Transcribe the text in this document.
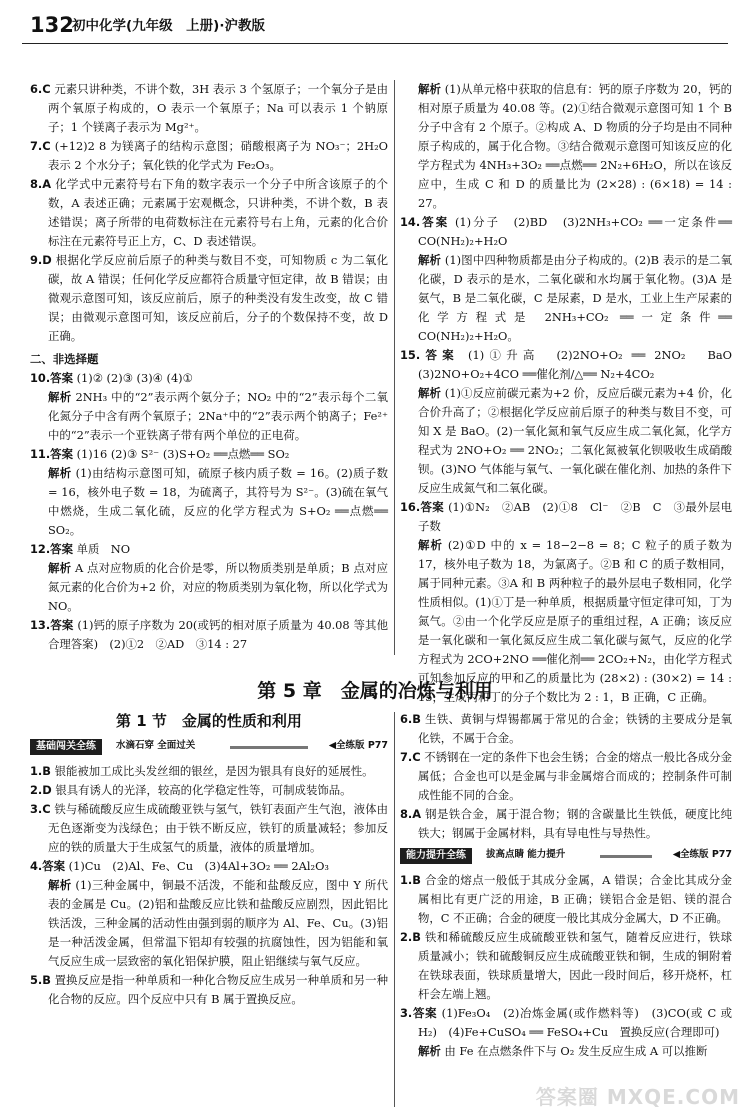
132
初中化学(九年级　上册)·沪教版

6.C 元素只讲种类，不讲个数，3H 表示 3 个氢原子；一个氧分子是由两个氧原子构成的，O 表示一个氧原子；Na 可以表示 1 个钠原子；1 个镁离子表示为 Mg²⁺。

7.C (+12)2 8 为镁离子的结构示意图；硝酸根离子为 NO₃⁻；2H₂O 表示 2 个水分子；氧化铁的化学式为 Fe₂O₃。

8.A 化学式中元素符号右下角的数字表示一个分子中所含该原子的个数，A 表述正确；元素属于宏观概念，只讲种类，不讲个数，B 表述错误；离子所带的电荷数标注在元素符号右上角，元素的化合价标注在元素符号正上方，C、D 表述错误。

9.D 根据化学反应前后原子的种类与数目不变，可知物质 c 为二氧化碳，故 A 错误；任何化学反应都符合质量守恒定律，故 B 错误；由微观示意图可知，该反应前后，原子的种类没有发生改变，故 C 错误；由微观示意图可知，该反应前后，分子的个数保持不变，故 D 正确。

二、非选择题

10.答案 (1)② (2)③ (3)④ (4)①

解析 2NH₃ 中的“2”表示两个氨分子；NO₂ 中的“2”表示每个二氧化氮分子中含有两个氧原子；2Na⁺中的“2”表示两个钠离子；Fe²⁺中的“2”表示一个亚铁离子带有两个单位的正电荷。

11.答案 (1)16 (2)③ S²⁻ (3)S+O₂ ══点燃══ SO₂

解析 (1)由结构示意图可知，硫原子核内质子数 = 16。(2)质子数 = 16，核外电子数 = 18，为硫离子，其符号为 S²⁻。(3)硫在氧气中燃烧，生成二氧化硫，反应的化学方程式为 S+O₂ ══点燃══ SO₂。

12.答案 单质　NO

解析 A 点对应物质的化合价是零，所以物质类别是单质；B 点对应氮元素的化合价为+2 价，对应的物质类别为氧化物，所以化学式为 NO。

13.答案 (1)钙的原子序数为 20(或钙的相对原子质量为 40.08 等其他合理答案)　(2)①2　②AD　③14 : 27

解析 (1)从单元格中获取的信息有：钙的原子序数为 20，钙的相对原子质量为 40.08 等。(2)①结合微观示意图可知 1 个 B 分子中含有 2 个原子。②构成 A、D 物质的分子均是由不同种原子构成的，属于化合物。③结合微观示意图可知该反应的化学方程式为 4NH₃+3O₂ ══点燃══ 2N₂+6H₂O，所以在该反应中，生成 C 和 D 的质量比为 (2×28) : (6×18) = 14 : 27。

14.答案 (1)分子　(2)BD　(3)2NH₃+CO₂ ══一定条件══ CO(NH₂)₂+H₂O

解析 (1)图中四种物质都是由分子构成的。(2)B 表示的是二氧化碳，D 表示的是水，二氧化碳和水均属于氧化物。(3)A 是氨气，B 是二氧化碳，C 是尿素，D 是水，工业上生产尿素的化学方程式是 2NH₃+CO₂ ══一定条件══ CO(NH₂)₂+H₂O。

15.答案 (1)①升高　(2)2NO+O₂ ══ 2NO₂　BaO　(3)2NO+O₂+4CO ══催化剂/△══ N₂+4CO₂

解析 (1)①反应前碳元素为+2 价，反应后碳元素为+4 价，化合价升高了；②根据化学反应前后原子的种类与数目不变，可知 X 是 BaO。(2)一氧化氮和氧气反应生成二氧化氮，化学方程式为 2NO+O₂ ══ 2NO₂；二氧化氮被氧化钡吸收生成硝酸钡。(3)NO 气体能与氧气、一氧化碳在催化剂、加热的条件下反应生成氮气和二氧化碳。

16.答案 (1)①N₂　②AB　(2)①8　Cl⁻　②B　C　③最外层电子数

解析 (2)①D 中的 x = 18−2−8 = 8；C 粒子的质子数为 17，核外电子数为 18，为氯离子。②B 和 C 的质子数相同，属于同种元素。③A 和 B 两种粒子的最外层电子数相同，化学性质相似。(1)①丁是一种单质，根据质量守恒定律可知，丁为氮气。②由一个化学反应是原子的重组过程，A 正确；该反应是一氧化碳和一氧化氮反应生成二氧化碳与氮气，反应的化学方程式为 2CO+2NO ══催化剂══ 2CO₂+N₂，由化学方程式可知参加反应的甲和乙的质量比为 (28×2) : (30×2) = 14 : 15，生成丙和丁的分子个数比为 2 : 1，B 正确，C 正确。

第 5 章　金属的冶炼与利用
第 1 节　金属的性质和利用
基础闯关全练	水滴石穿 全面过关	◀全练版 P77

1.B 银能被加工成比头发丝细的银丝，是因为银具有良好的延展性。

2.D 银具有诱人的光泽，较高的化学稳定性等，可制成装饰品。

3.C 铁与稀硫酸反应生成硫酸亚铁与氢气，铁钉表面产生气泡，液体由无色逐渐变为浅绿色；由于铁不断反应，铁钉的质量减轻；参加反应的铁的质量大于生成氢气的质量，液体的质量增加。

4.答案 (1)Cu　(2)Al、Fe、Cu　(3)4Al+3O₂ ══ 2Al₂O₃

解析 (1)三种金属中，铜最不活泼，不能和盐酸反应，图中 Y 所代表的金属是 Cu。(2)铝和盐酸反应比铁和盐酸反应剧烈，因此铝比铁活泼，三种金属的活动性由强到弱的顺序为 Al、Fe、Cu。(3)铝是一种活泼金属，但常温下铝却有较强的抗腐蚀性，因为铝能和氧气反应生成一层致密的氧化铝保护膜，阻止铝继续与氧气反应。

5.B 置换反应是指一种单质和一种化合物反应生成另一种单质和另一种化合物的反应。四个反应中只有 B 属于置换反应。

6.B 生铁、黄铜与焊锡都属于常见的合金；铁锈的主要成分是氧化铁，不属于合金。

7.C 不锈钢在一定的条件下也会生锈；合金的熔点一般比各成分金属低；合金也可以是金属与非金属熔合而成的；控制条件可制成性能不同的合金。

8.A 钢是铁合金，属于混合物；钢的含碳量比生铁低，硬度比纯铁大；钢属于金属材料，具有导电性与导热性。

能力提升全练	拔高点睛 能力提升	◀全练版 P77

1.B 合金的熔点一般低于其成分金属，A 错误；合金比其成分金属相比有更广泛的用途，B 正确；镁铝合金是铝、镁的混合物，C 不正确；合金的硬度一般比其成分金属大，D 不正确。

2.B 铁和稀硫酸反应生成硫酸亚铁和氢气，随着反应进行，铁球质量减小；铁和硫酸铜反应生成硫酸亚铁和铜，生成的铜附着在铁球表面，铁球质量增大，因此一段时间后，移开烧杯，杠杆会左端上翘。

3.答案 (1)Fe₃O₄　(2)冶炼金属(或作燃料等)　(3)CO(或 C 或 H₂)　(4)Fe+CuSO₄ ══ FeSO₄+Cu　置换反应(合理即可)

解析 由 Fe 在点燃条件下与 O₂ 发生反应生成 A 可以推断

答案圈 MXQE.COM
